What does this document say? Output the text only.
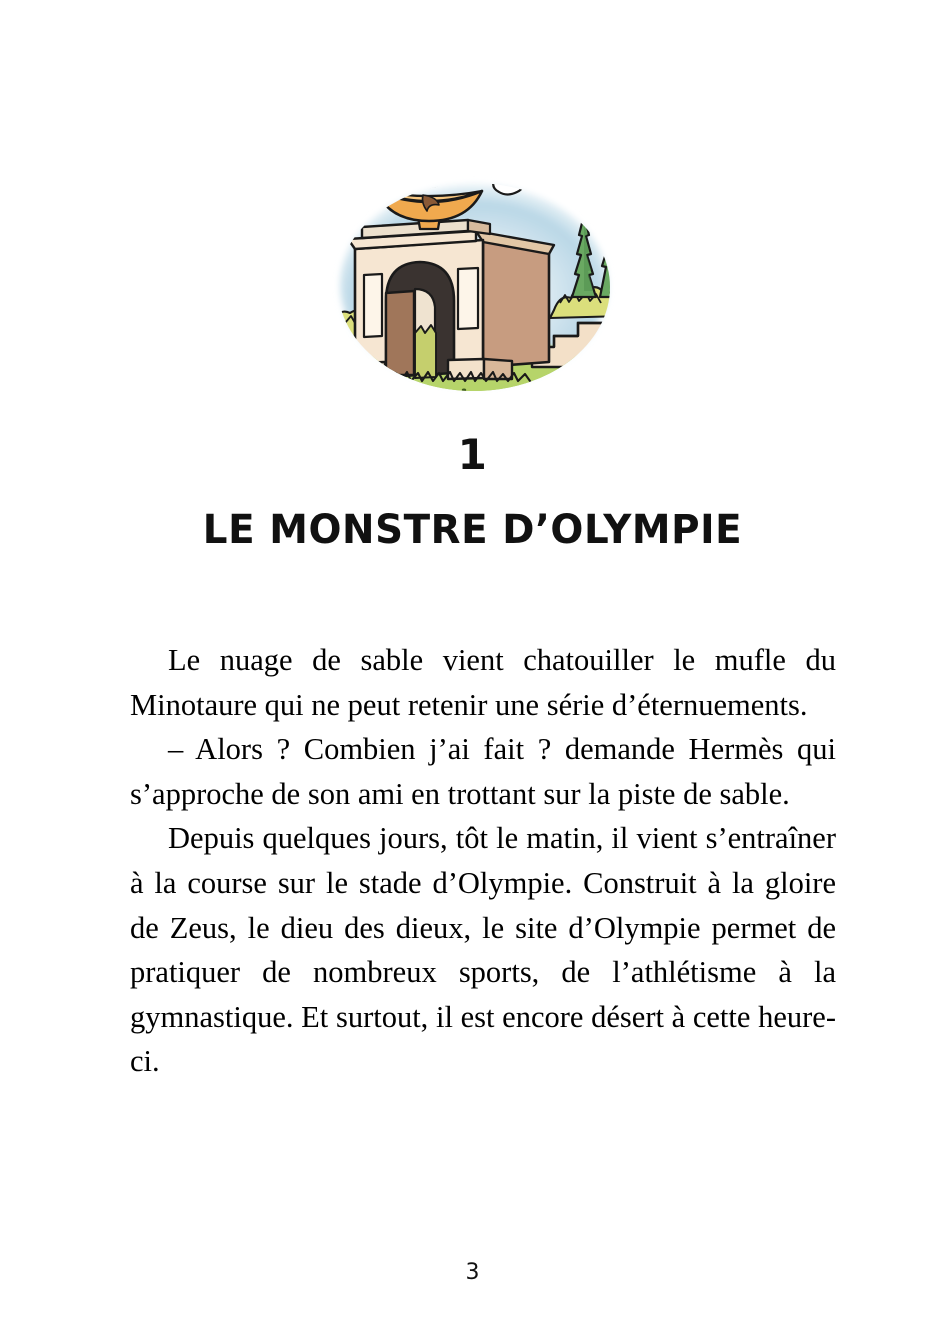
1
LE MONSTRE D’OLYMPIE

Le nuage de sable vient chatouiller le mufle du Minotaure qui ne peut retenir une série d’éternuements.

– Alors ? Combien j’ai fait ? demande Hermès qui s’approche de son ami en trottant sur la piste de sable.

Depuis quelques jours, tôt le matin, il vient s’entraîner à la course sur le stade d’Olympie. Construit à la gloire de Zeus, le dieu des dieux, le site d’Olympie permet de pratiquer de nombreux sports, de l’athlétisme à la gymnastique. Et surtout, il est encore désert à cette heure-ci.

3
